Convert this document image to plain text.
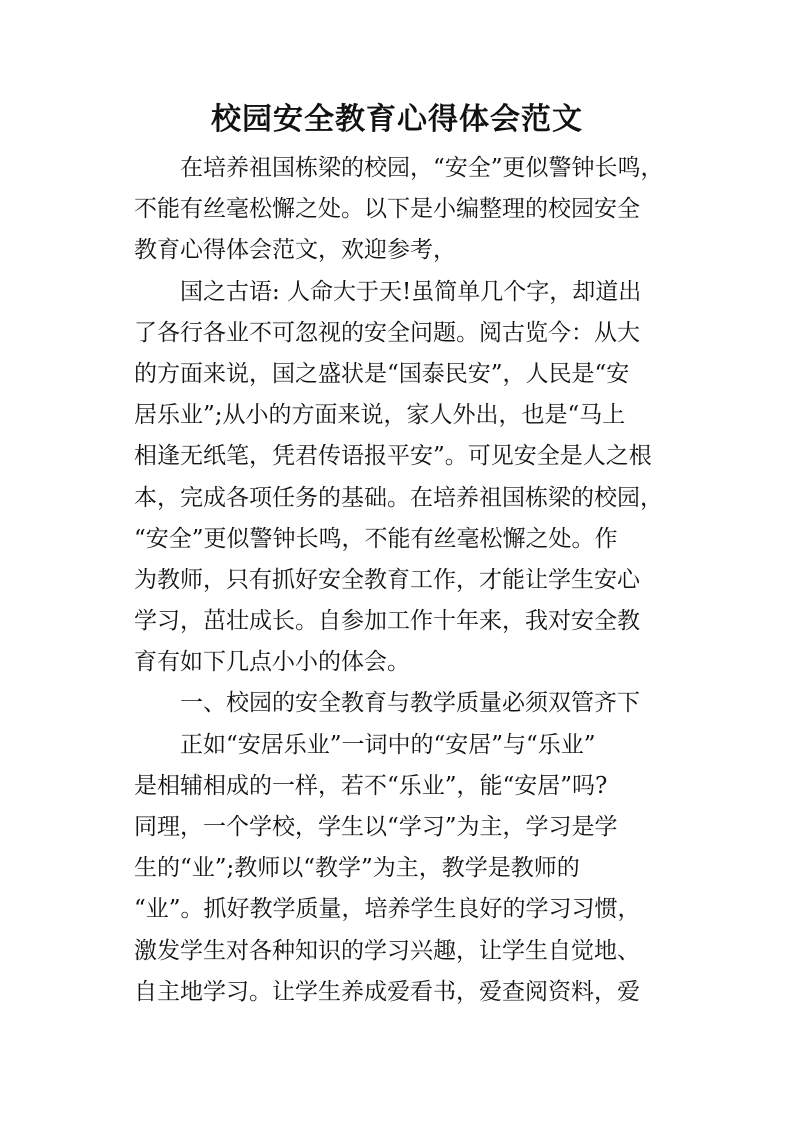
校园安全教育心得体会范文
在培养祖国栋梁的校园，“安全”更似警钟长鸣，
不能有丝毫松懈之处。以下是小编整理的校园安全
教育心得体会范文，欢迎参考，
国之古语: 人命大于天!虽简单几个字，却道出
了各行各业不可忽视的安全问题。阅古览今：从大
的方面来说，国之盛状是“国泰民安”，人民是“安
居乐业”;从小的方面来说，家人外出，也是“马上
相逢无纸笔，凭君传语报平安”。可见安全是人之根
本，完成各项任务的基础。在培养祖国栋梁的校园，
“安全”更似警钟长鸣，不能有丝毫松懈之处。作
为教师，只有抓好安全教育工作，才能让学生安心
学习，茁壮成长。自参加工作十年来，我对安全教
育有如下几点小小的体会。
一、校园的安全教育与教学质量必须双管齐下
正如“安居乐业”一词中的“安居”与“乐业”
是相辅相成的一样，若不“乐业”，能“安居”吗?
同理，一个学校，学生以“学习”为主，学习是学
生的“业”;教师以“教学”为主，教学是教师的
“业”。抓好教学质量，培养学生良好的学习习惯，
激发学生对各种知识的学习兴趣，让学生自觉地、
自主地学习。让学生养成爱看书，爱查阅资料，爱
